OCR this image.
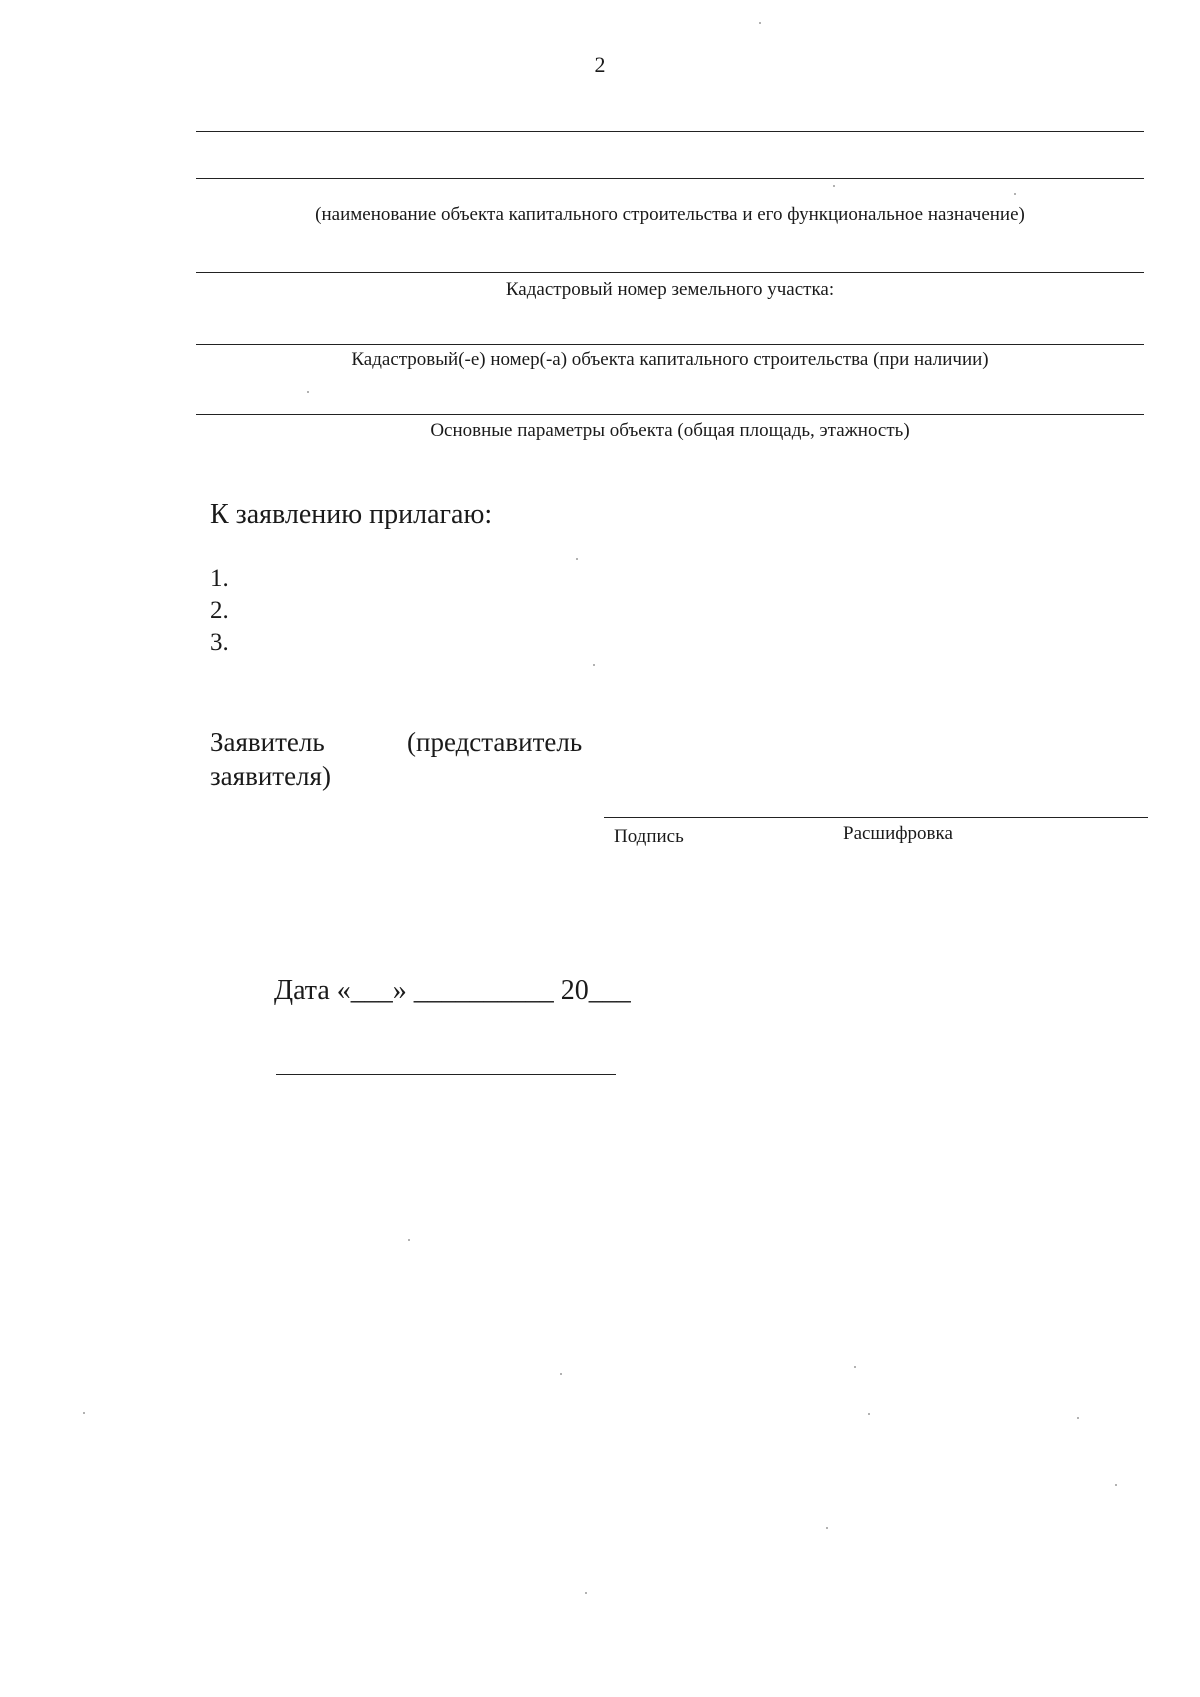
2
(наименование объекта капитального строительства и его функциональное назначение)
Кадастровый номер земельного участка:
Кадастровый(-е) номер(-а) объекта капитального строительства (при наличии)
Основные параметры объекта (общая площадь, этажность)
К заявлению прилагаю:
1.
2.
3.
Заявитель	(представитель
заявителя)
Подпись	Расшифровка
Дата «___» __________ 20___
